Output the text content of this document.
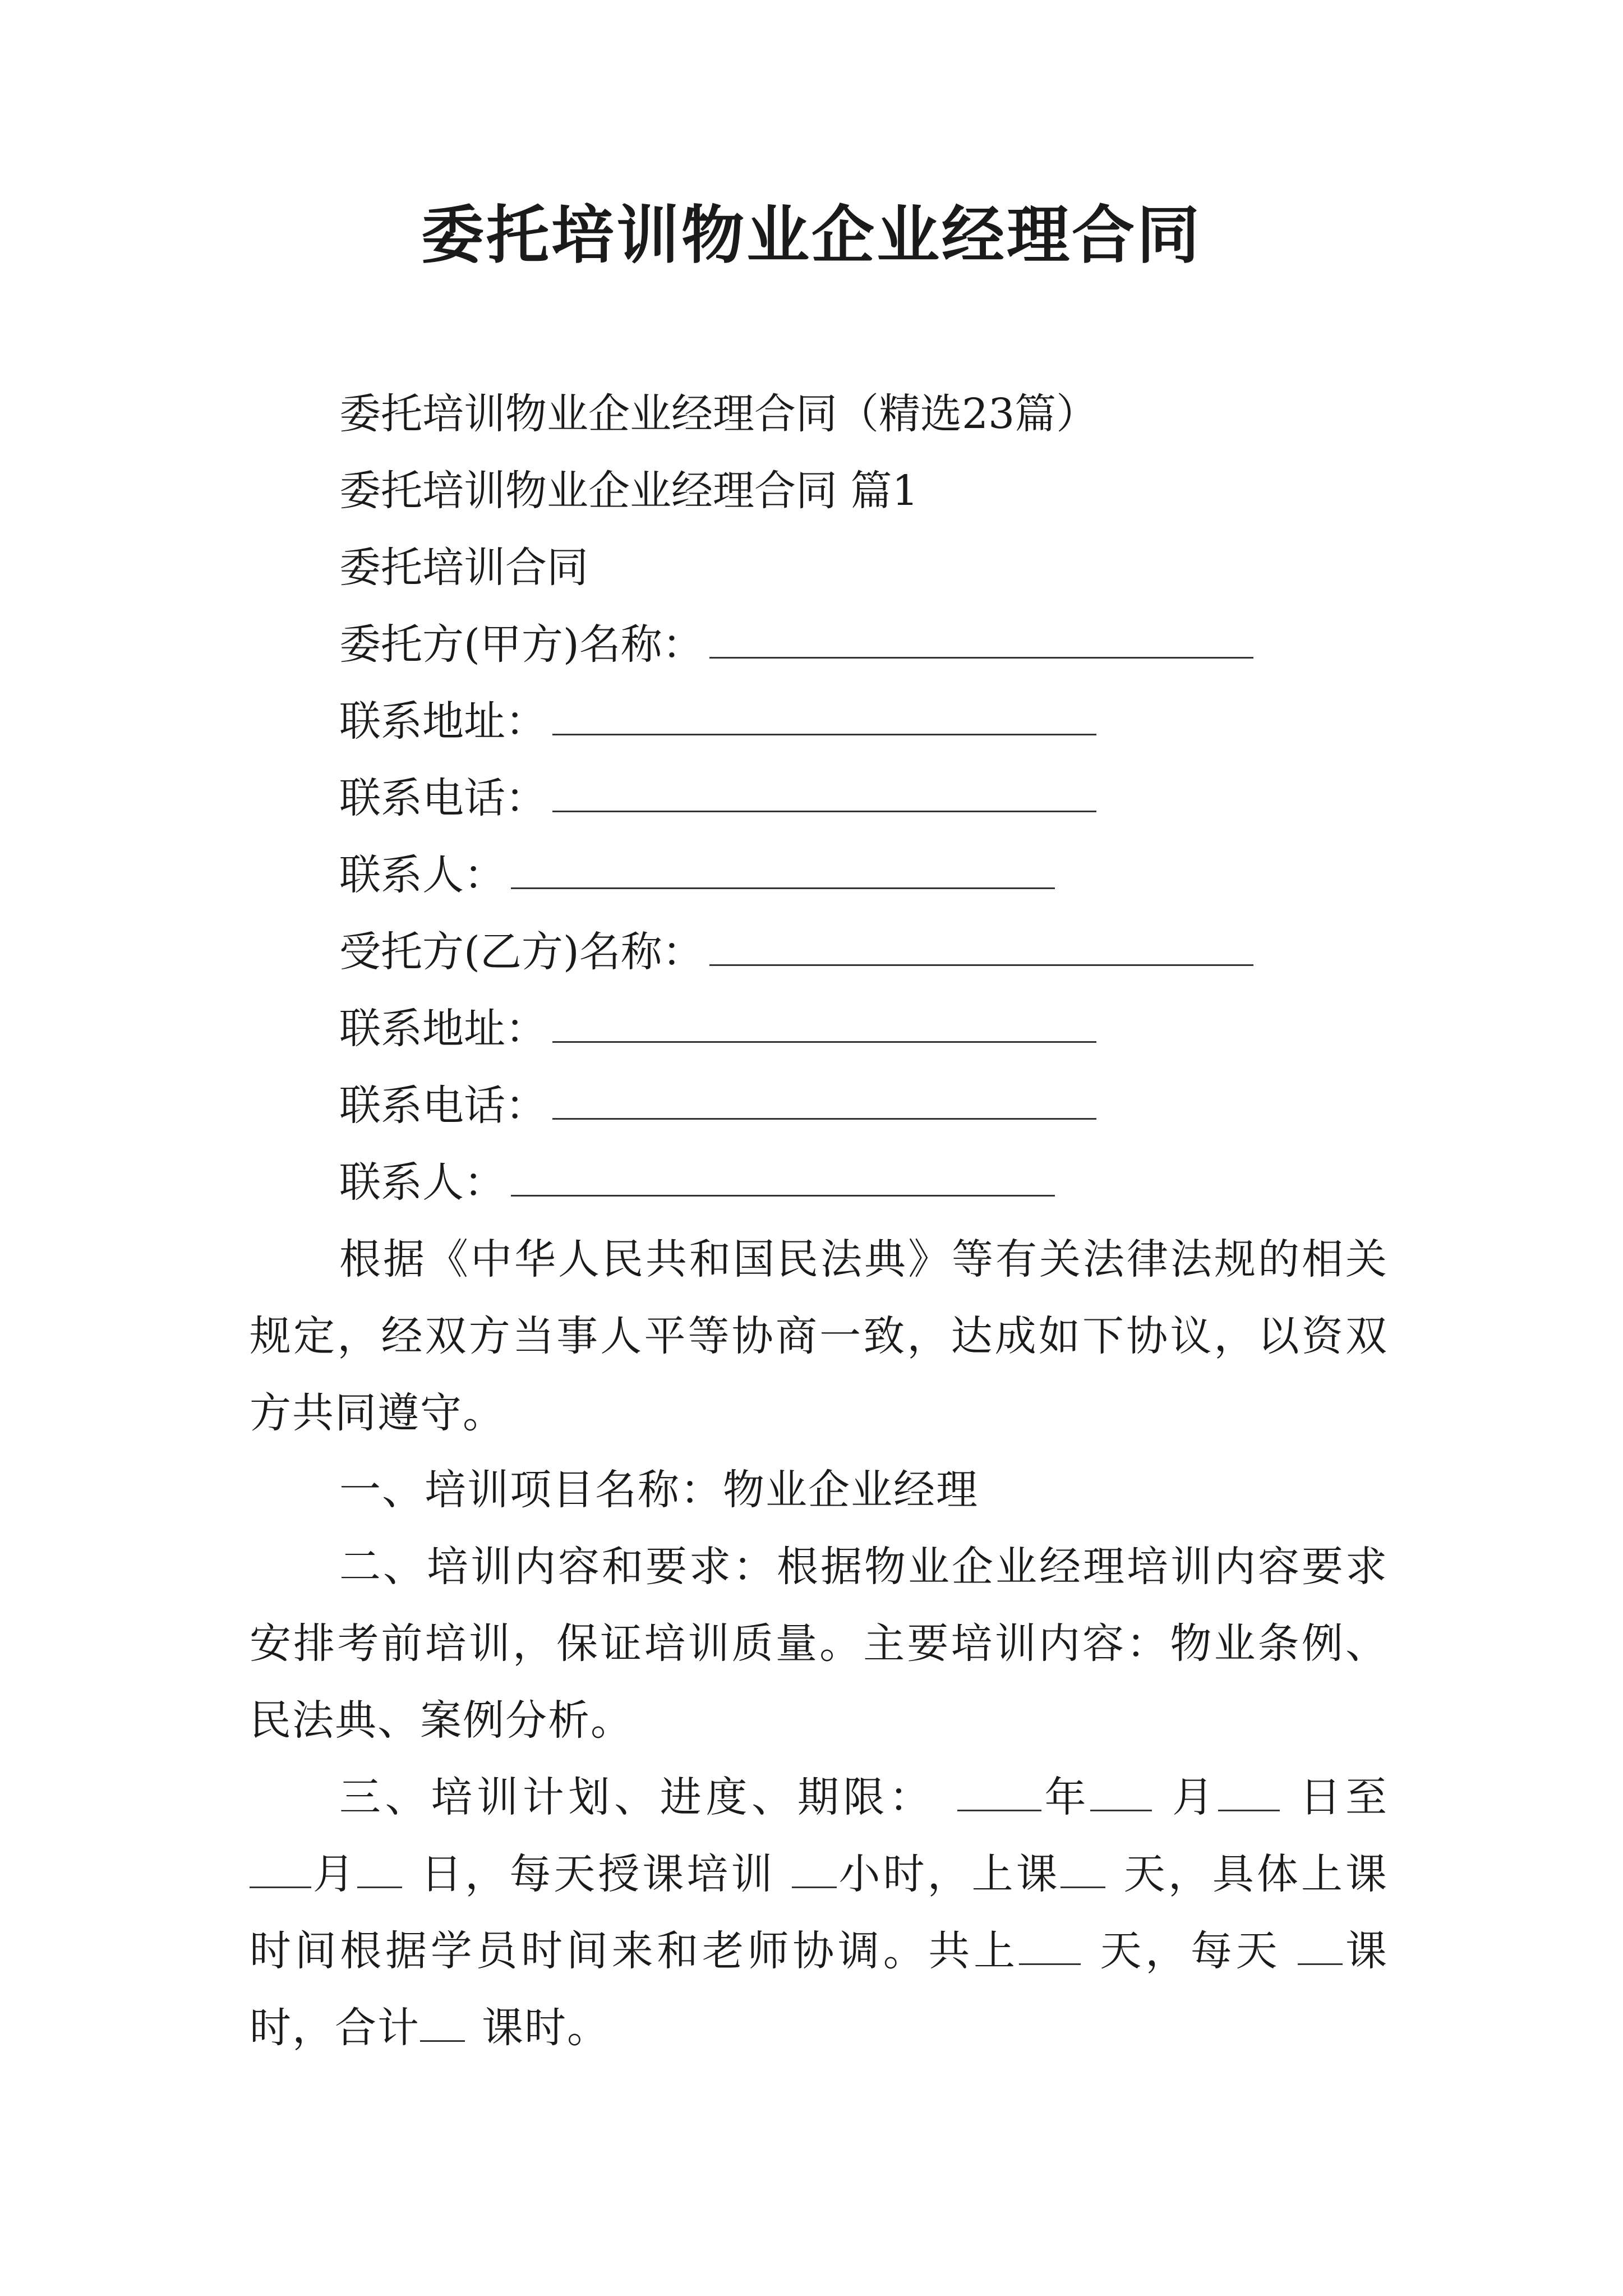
委托培训物业企业经理合同
委托培训物业企业经理合同（精选23篇）
委托培训物业企业经理合同 篇1
委托培训合同
委托方(甲方)名称：
联系地址：
联系电话：
联系人：
受托方(乙方)名称：
联系地址：
联系电话：
联系人：

根据《中华人民共和国民法典》等有关法律法规的相关规定，经双方当事人平等协商一致，达成如下协议，以资双方共同遵守。

一、培训项目名称：物业企业经理

二、培训内容和要求：根据物业企业经理培训内容要求安排考前培训，保证培训质量。主要培训内容：物业条例、民法典、案例分析。

三、培训计划、进度、期限：	年 月 日至月 日，每天授课培训 小时，上课 天，具体上课时间根据学员时间来和老师协调。共上 天，每天 课时，合计 课时。
